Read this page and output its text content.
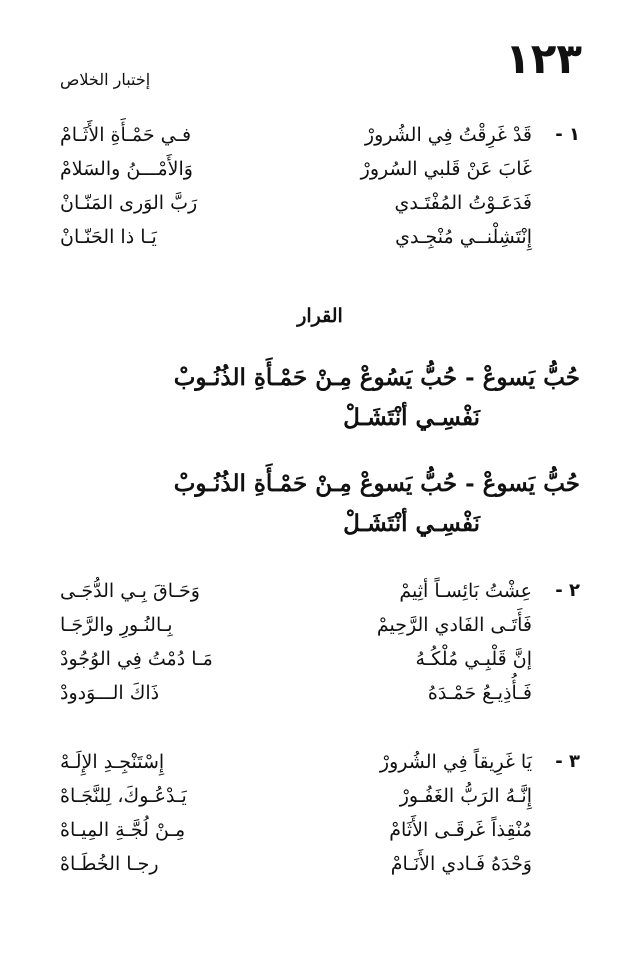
١٢٣
إختبار الخلاص
١ -
قَدْ غَرِقْتُ فِي الشُرورْ
فـي حَمْـأَةِ الأَثَـامْ
غَابَ عَنْ قَلبي السُرورْ
وَالأَمْـــنُ والسَلامْ
فَدَعَـوْتُ المُفْتَـدي
رَبَّ الوَرى المَنّـانْ
إِنْتَشِلْنــي مُنْجِـدي
يَـا ذا الحَنّـانْ
القرار
حُبُّ يَسوعْ - حُبُّ يَسُوعْ مِـنْ حَمْـأَةِ الذُنُـوبْ
نَفْسِـي أنْتَشَـلْ
حُبُّ يَسوعْ - حُبُّ يَسوعْ مِـنْ حَمْـأَةِ الذُنُـوبْ
نَفْسِـي أنْتَشَـلْ
٢ -
عِشْتُ بَائِسـاً أثِيمْ
وَحَـاقَ بِـي الدُّجَـى
فَأَتَـى الفَادي الرَّحِيمْ
بِـالنُـورِ والرَّجَـا
إنَّ قَلْبِـي مُلْكُـهُ
مَـا دُمْتُ فِي الوُجُودْ
فَـأُذِيـعُ حَمْـدَهُ
ذَاكَ الـــوَدودْ
٣ -
يَا غَرِيقاً فِي الشُرورْ
إِسْتَنْجِـدِ الإِلَـهْ
إِنَّـهُ الرَبُّ الغَفُـورْ
يَـدْعُـوكَ، لِلنَّجَـاهْ
مُنْقِذاً غَرقَـى الأَثَامْ
مِـنْ لُجَّـةِ المِيـاهْ
وَحْدَهُ فَـادي الأَنَـامْ
رجـا الخُطَـاهْ
